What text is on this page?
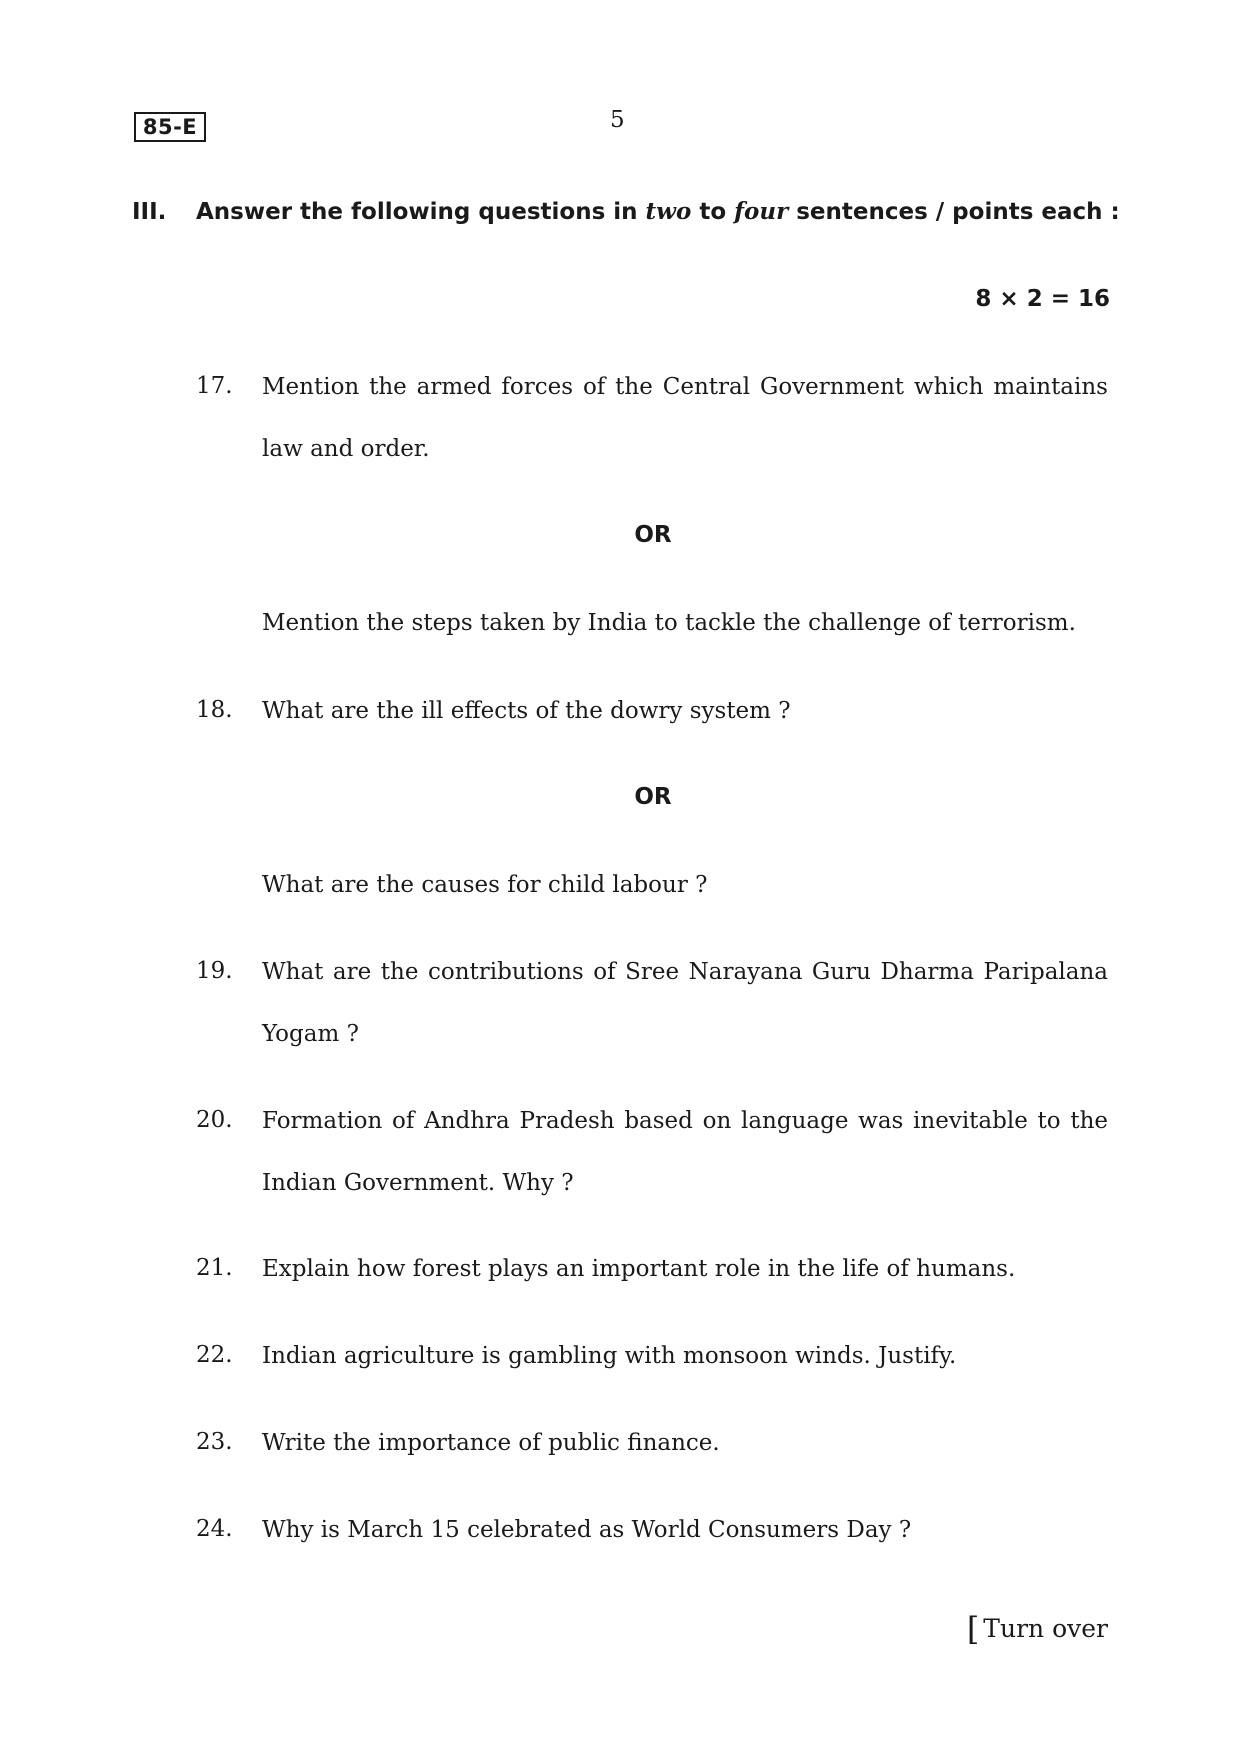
85-E	5
III. Answer the following questions in two to four sentences / points each :
8 × 2 = 16
17. Mention the armed forces of the Central Government which maintains law and order.
OR
Mention the steps taken by India to tackle the challenge of terrorism.
18. What are the ill effects of the dowry system ?
OR
What are the causes for child labour ?
19. What are the contributions of Sree Narayana Guru Dharma Paripalana Yogam ?
20. Formation of Andhra Pradesh based on language was inevitable to the Indian Government. Why ?
21. Explain how forest plays an important role in the life of humans.
22. Indian agriculture is gambling with monsoon winds. Justify.
23. Write the importance of public finance.
24. Why is March 15 celebrated as World Consumers Day ?
[ Turn over
